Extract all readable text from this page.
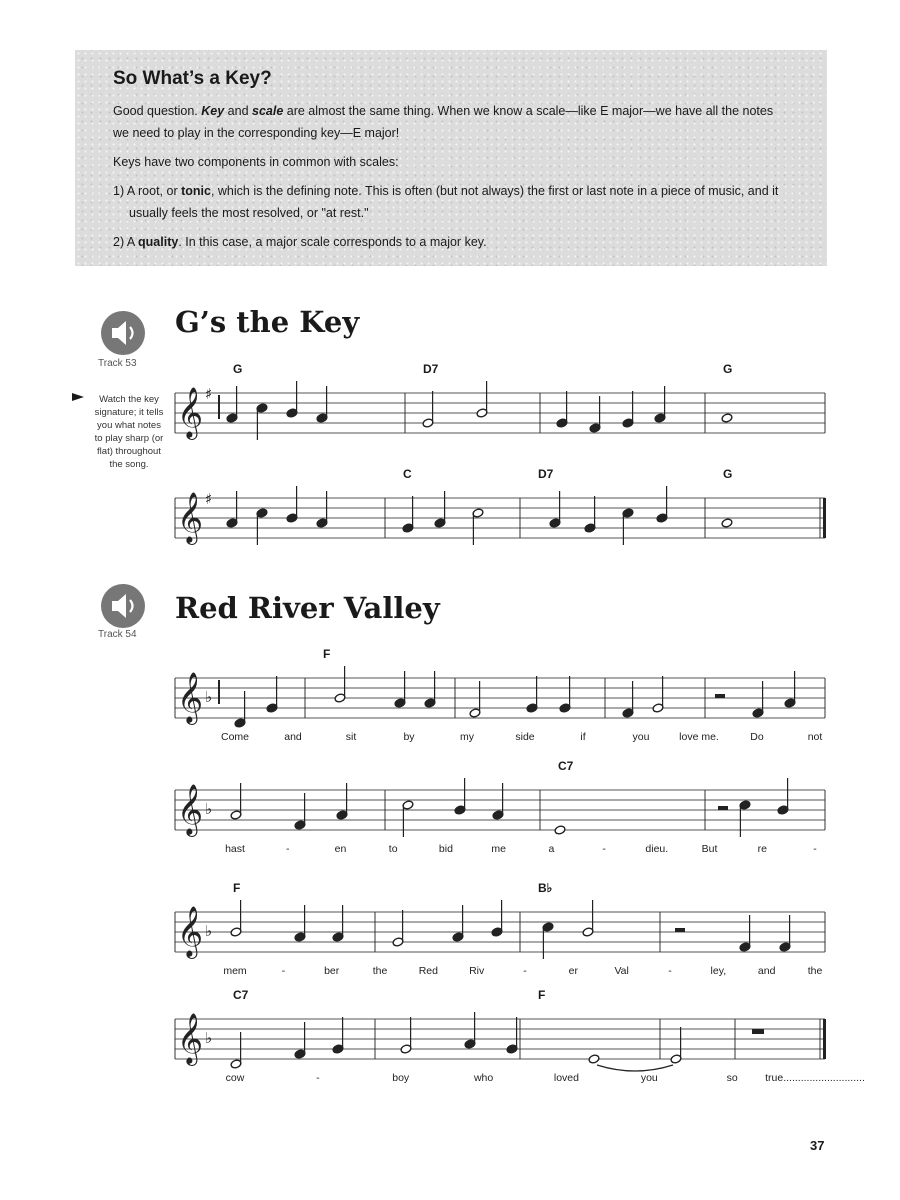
So What’s a Key?

Good question. Key and scale are almost the same thing. When we know a scale—like E major—we have all the notes we need to play in the corresponding key—E major!

Keys have two components in common with scales:

1) A root, or tonic, which is the defining note. This is often (but not always) the first or last note in a piece of music, and it usually feels the most resolved, or "at rest."
2) A quality. In this case, a major scale corresponds to a major key.
Track 53
G’s the Key
Watch the key signature; it tells you what notes to play sharp (or flat) throughout the song.
Track 54
Red River Valley
37
𝄞 ♯
G	D7	G
𝄞 ♯
C	D7	G
𝄞 ♭
F
Come	and	sit	by	my	side	if	you	love me.	Do	not
𝄞 ♭
C7
hast	-	en	to	bid	me	a	-	dieu.	But	re	-
𝄞 ♭
F	B♭
mem	-	ber	the	Red	Riv	-	er	Val	-	ley,	and	the
𝄞 ♭
C7	F
cow	-	boy	who	loved	you	so	true............................
